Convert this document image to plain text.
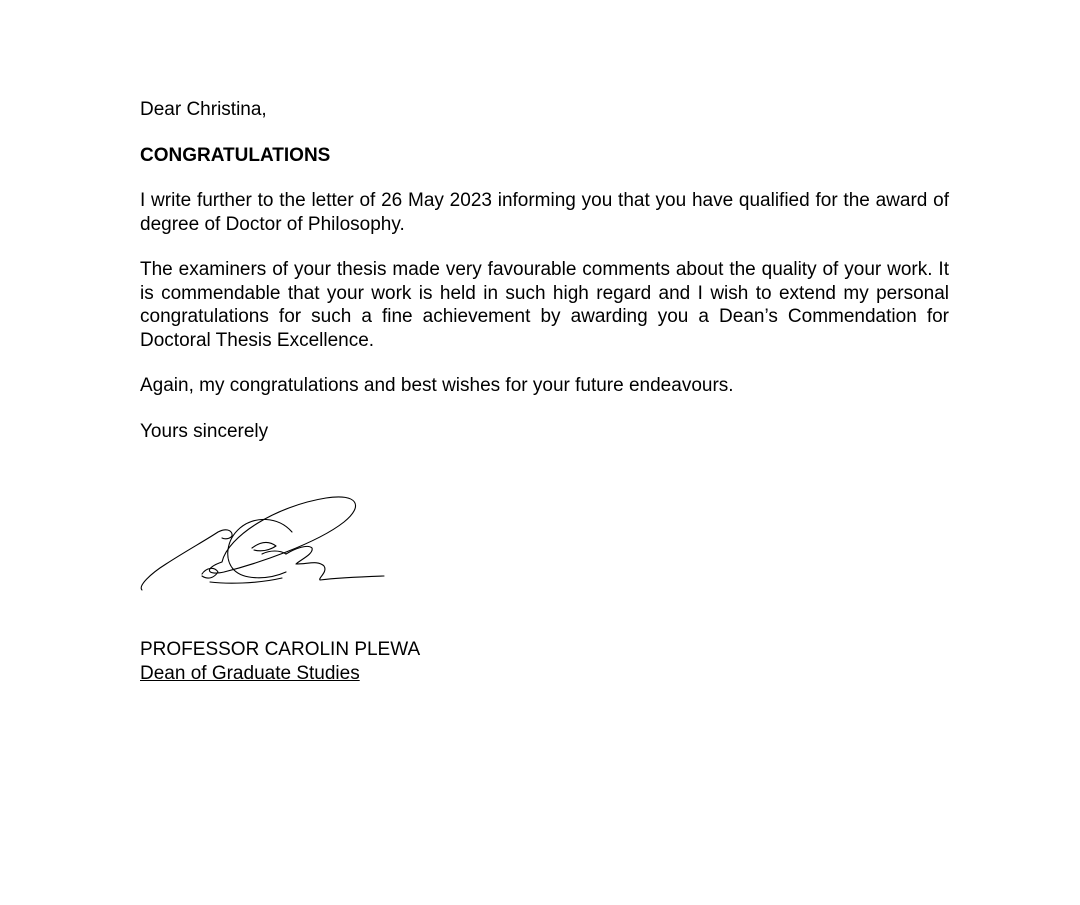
Dear Christina,

CONGRATULATIONS

I write further to the letter of 26 May 2023 informing you that you have qualified for the award of degree of Doctor of Philosophy.

The examiners of your thesis made very favourable comments about the quality of your work. It is commendable that your work is held in such high regard and I wish to extend my personal congratulations for such a fine achievement by awarding you a Dean’s Commendation for Doctoral Thesis Excellence.

Again, my congratulations and best wishes for your future endeavours.

Yours sincerely

PROFESSOR CAROLIN PLEWA

Dean of Graduate Studies
